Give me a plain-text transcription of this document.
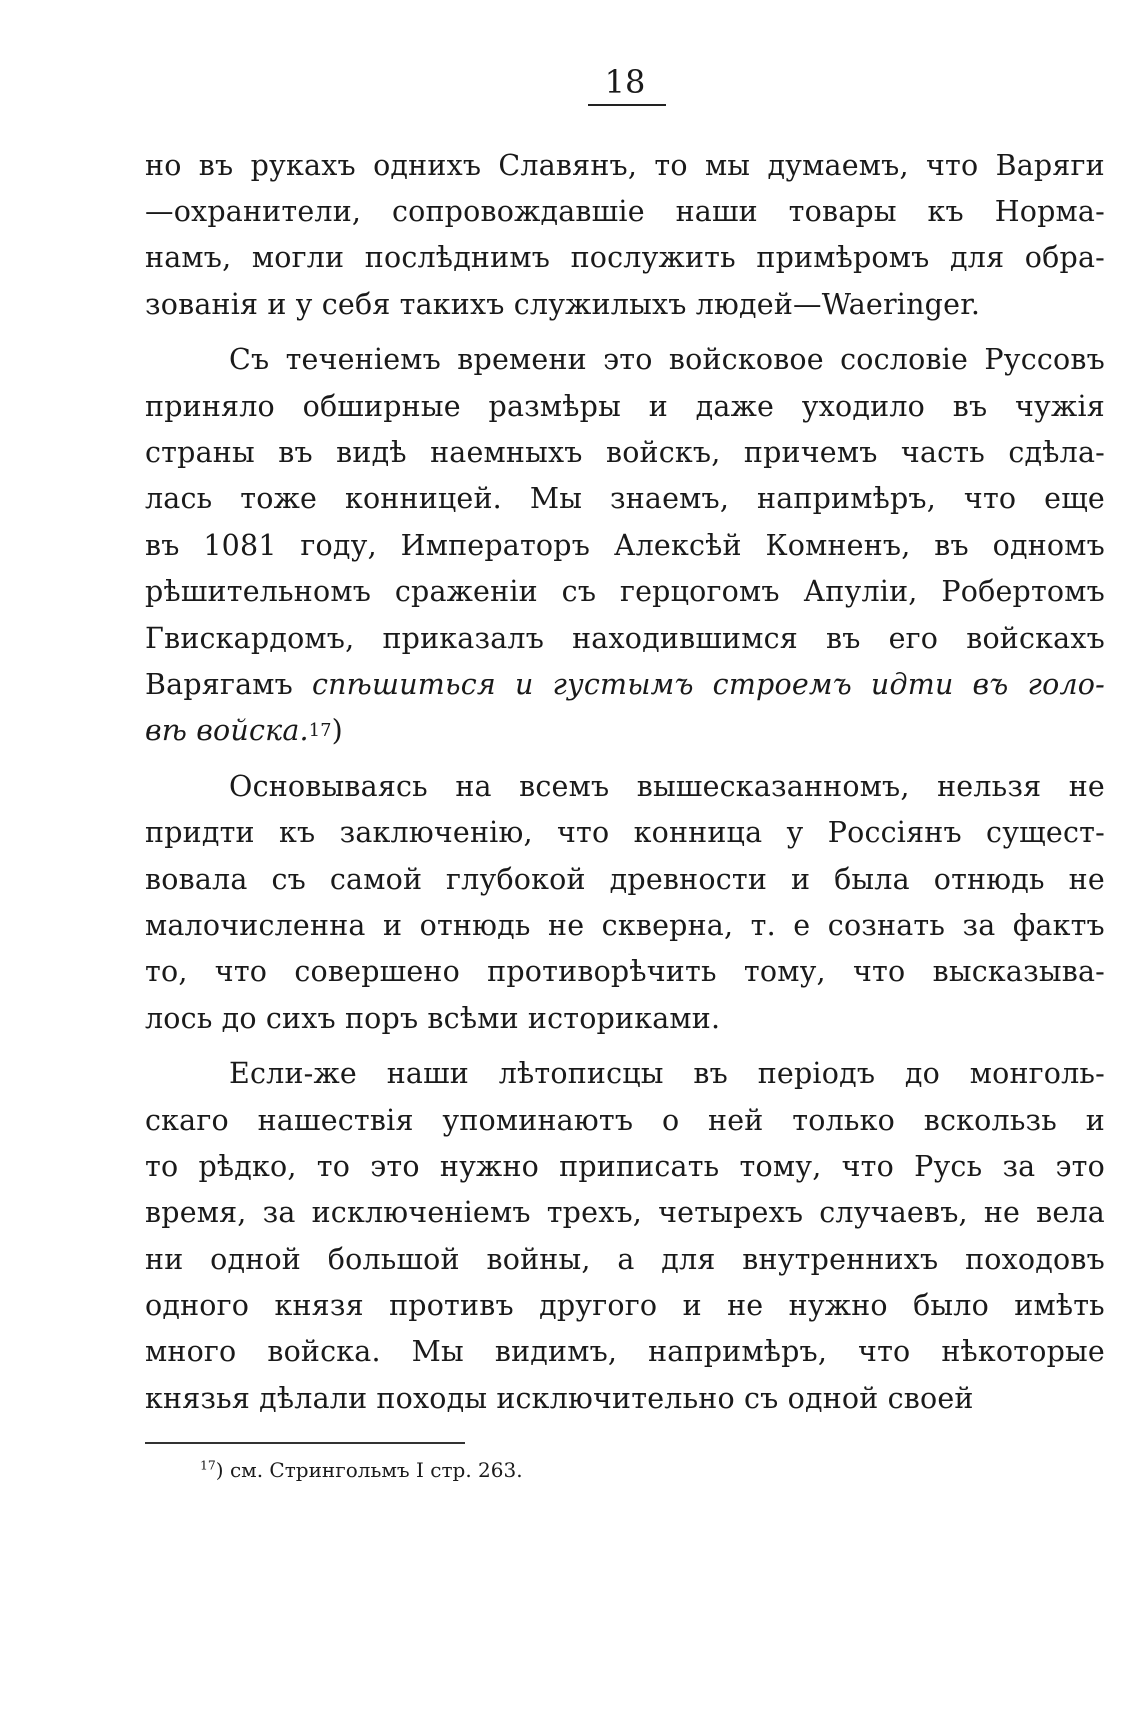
18
но въ рукахъ однихъ Славянъ, то мы думаемъ, что Варяги
—охранители, сопровождавшіе наши товары къ Норма-
намъ, могли послѣднимъ послужить примѣромъ для обра-
зованія и у себя такихъ служилыхъ людей—Waeringer.
Съ теченіемъ времени это войсковое сословіе Руссовъ
приняло обширные размѣры и даже уходило въ чужія
страны въ видѣ наемныхъ войскъ, причемъ часть сдѣла-
лась тоже конницей. Мы знаемъ, напримѣръ, что еще
въ 1081 году, Императоръ Алексѣй Комненъ, въ одномъ
рѣшительномъ сраженіи съ герцогомъ Апуліи, Робертомъ
Гвискардомъ, приказалъ находившимся въ его войскахъ
Варягамъ спѣшиться и густымъ строемъ идти въ голо-
вѣ войска. 17 )
Основываясь на всемъ вышесказанномъ, нельзя не
придти къ заключенію, что конница у Россіянъ сущест-
вовала съ самой глубокой древности и была отнюдь не
малочисленна и отнюдь не скверна, т. е сознать за фактъ
то, что совершено противорѣчить тому, что высказыва-
лось до сихъ поръ всѣми историками.
Если-же наши лѣтописцы въ періодъ до монголь-
скаго нашествія упоминаютъ о ней только вскользь и
то рѣдко, то это нужно приписать тому, что Русь за это
время, за исключеніемъ трехъ, четырехъ случаевъ, не вела
ни одной большой войны, а для внутреннихъ походовъ
одного князя противъ другого и не нужно было имѣть
много войска. Мы видимъ, напримѣръ, что нѣкоторые
князья дѣлали походы исключительно съ одной своей
$^{17}$) см. Стрингольмъ I стр. 263.
